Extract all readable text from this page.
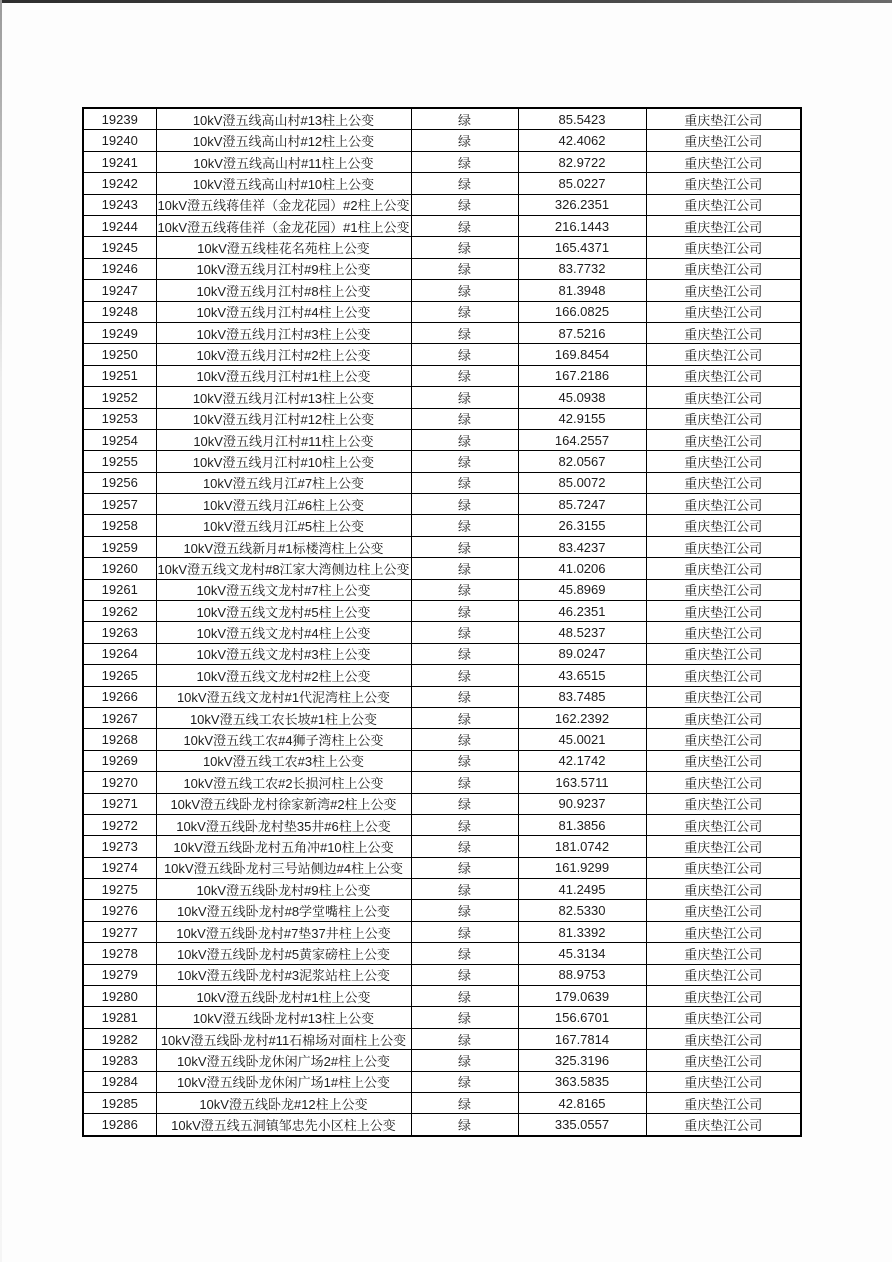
19239	10kV澄五线高山村#13柱上公变	绿	85.5423	重庆垫江公司

19240	10kV澄五线高山村#12柱上公变	绿	42.4062	重庆垫江公司

19241	10kV澄五线高山村#11柱上公变	绿	82.9722	重庆垫江公司

19242	10kV澄五线高山村#10柱上公变	绿	85.0227	重庆垫江公司

19243	10kV澄五线蒋佳祥（金龙花园）#2柱上公变	绿	326.2351	重庆垫江公司

19244	10kV澄五线蒋佳祥（金龙花园）#1柱上公变	绿	216.1443	重庆垫江公司

19245	10kV澄五线桂花名苑柱上公变	绿	165.4371	重庆垫江公司

19246	10kV澄五线月江村#9柱上公变	绿	83.7732	重庆垫江公司

19247	10kV澄五线月江村#8柱上公变	绿	81.3948	重庆垫江公司

19248	10kV澄五线月江村#4柱上公变	绿	166.0825	重庆垫江公司

19249	10kV澄五线月江村#3柱上公变	绿	87.5216	重庆垫江公司

19250	10kV澄五线月江村#2柱上公变	绿	169.8454	重庆垫江公司

19251	10kV澄五线月江村#1柱上公变	绿	167.2186	重庆垫江公司

19252	10kV澄五线月江村#13柱上公变	绿	45.0938	重庆垫江公司

19253	10kV澄五线月江村#12柱上公变	绿	42.9155	重庆垫江公司

19254	10kV澄五线月江村#11柱上公变	绿	164.2557	重庆垫江公司

19255	10kV澄五线月江村#10柱上公变	绿	82.0567	重庆垫江公司

19256	10kV澄五线月江#7柱上公变	绿	85.0072	重庆垫江公司

19257	10kV澄五线月江#6柱上公变	绿	85.7247	重庆垫江公司

19258	10kV澄五线月江#5柱上公变	绿	26.3155	重庆垫江公司

19259	10kV澄五线新月#1标楼湾柱上公变	绿	83.4237	重庆垫江公司

19260	10kV澄五线文龙村#8江家大湾侧边柱上公变	绿	41.0206	重庆垫江公司

19261	10kV澄五线文龙村#7柱上公变	绿	45.8969	重庆垫江公司

19262	10kV澄五线文龙村#5柱上公变	绿	46.2351	重庆垫江公司

19263	10kV澄五线文龙村#4柱上公变	绿	48.5237	重庆垫江公司

19264	10kV澄五线文龙村#3柱上公变	绿	89.0247	重庆垫江公司

19265	10kV澄五线文龙村#2柱上公变	绿	43.6515	重庆垫江公司

19266	10kV澄五线文龙村#1代泥湾柱上公变	绿	83.7485	重庆垫江公司

19267	10kV澄五线工农长坡#1柱上公变	绿	162.2392	重庆垫江公司

19268	10kV澄五线工农#4狮子湾柱上公变	绿	45.0021	重庆垫江公司

19269	10kV澄五线工农#3柱上公变	绿	42.1742	重庆垫江公司

19270	10kV澄五线工农#2长损河柱上公变	绿	163.5711	重庆垫江公司

19271	10kV澄五线卧龙村徐家新湾#2柱上公变	绿	90.9237	重庆垫江公司

19272	10kV澄五线卧龙村垫35井#6柱上公变	绿	81.3856	重庆垫江公司

19273	10kV澄五线卧龙村五角冲#10柱上公变	绿	181.0742	重庆垫江公司

19274	10kV澄五线卧龙村三号站侧边#4柱上公变	绿	161.9299	重庆垫江公司

19275	10kV澄五线卧龙村#9柱上公变	绿	41.2495	重庆垫江公司

19276	10kV澄五线卧龙村#8学堂嘴柱上公变	绿	82.5330	重庆垫江公司

19277	10kV澄五线卧龙村#7垫37井柱上公变	绿	81.3392	重庆垫江公司

19278	10kV澄五线卧龙村#5黄家磅柱上公变	绿	45.3134	重庆垫江公司

19279	10kV澄五线卧龙村#3泥浆站柱上公变	绿	88.9753	重庆垫江公司

19280	10kV澄五线卧龙村#1柱上公变	绿	179.0639	重庆垫江公司

19281	10kV澄五线卧龙村#13柱上公变	绿	156.6701	重庆垫江公司

19282	10kV澄五线卧龙村#11石棉场对面柱上公变	绿	167.7814	重庆垫江公司

19283	10kV澄五线卧龙休闲广场2#柱上公变	绿	325.3196	重庆垫江公司

19284	10kV澄五线卧龙休闲广场1#柱上公变	绿	363.5835	重庆垫江公司

19285	10kV澄五线卧龙#12柱上公变	绿	42.8165	重庆垫江公司

19286	10kV澄五线五洞镇邹忠先小区柱上公变	绿	335.0557	重庆垫江公司
